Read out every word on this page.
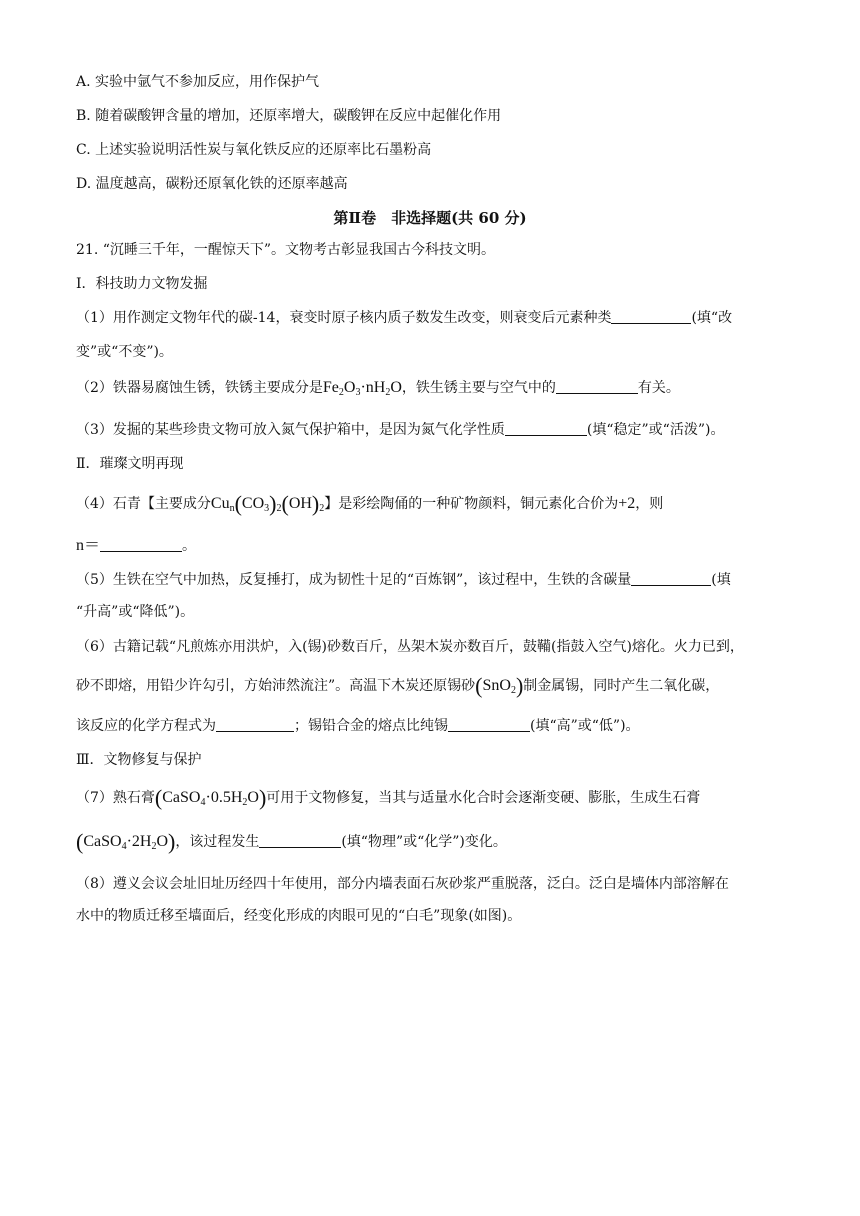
A. 实验中氩气不参加反应，用作保护气
B. 随着碳酸钾含量的增加，还原率增大，碳酸钾在反应中起催化作用
C. 上述实验说明活性炭与氧化铁反应的还原率比石墨粉高
D. 温度越高，碳粉还原氧化铁的还原率越高
第Ⅱ卷　非选择题(共 60 分)
21. “沉睡三千年，一醒惊天下”。文物考古彰显我国古今科技文明。
Ⅰ．科技助力文物发掘
（1）用作测定文物年代的碳-14，衰变时原子核内质子数发生改变，则衰变后元素种类	(填“改
变”或“不变”)。
（2）铁器易腐蚀生锈，铁锈主要成分是$Fe_2O_3\cdot nH_2O$，铁生锈主要与空气中的	有关。
（3）发掘的某些珍贵文物可放入氮气保护箱中，是因为氮气化学性质	(填“稳定”或“活泼”)。
Ⅱ．璀璨文明再现
（4）石青【主要成分$Cu_n(CO_3)_2(OH)_2$】是彩绘陶俑的一种矿物颜料，铜元素化合价为+2，则
n＝	。
（5）生铁在空气中加热，反复捶打，成为韧性十足的“百炼钢”，该过程中，生铁的含碳量	(填
“升高”或“降低”)。
（6）古籍记载“凡煎炼亦用洪炉，入(锡)砂数百斤，丛架木炭亦数百斤，鼓鞴(指鼓入空气)熔化。火力已到，
砂不即熔，用铅少许勾引，方始沛然流注”。高温下木炭还原锡砂(SnO$_2$)制金属锡，同时产生二氧化碳，
该反应的化学方程式为	；锡铅合金的熔点比纯锡	(填“高”或“低”)。
Ⅲ．文物修复与保护
（7）熟石膏$(CaSO_4\cdot 0.5H_2O)$可用于文物修复，当其与适量水化合时会逐渐变硬、膨胀，生成生石膏
$(CaSO_4\cdot 2H_2O)$，该过程发生	(填“物理”或“化学”)变化。
（8）遵义会议会址旧址历经四十年使用，部分内墙表面石灰砂浆严重脱落，泛白。泛白是墙体内部溶解在
水中的物质迁移至墙面后，经变化形成的肉眼可见的“白毛”现象(如图)。
